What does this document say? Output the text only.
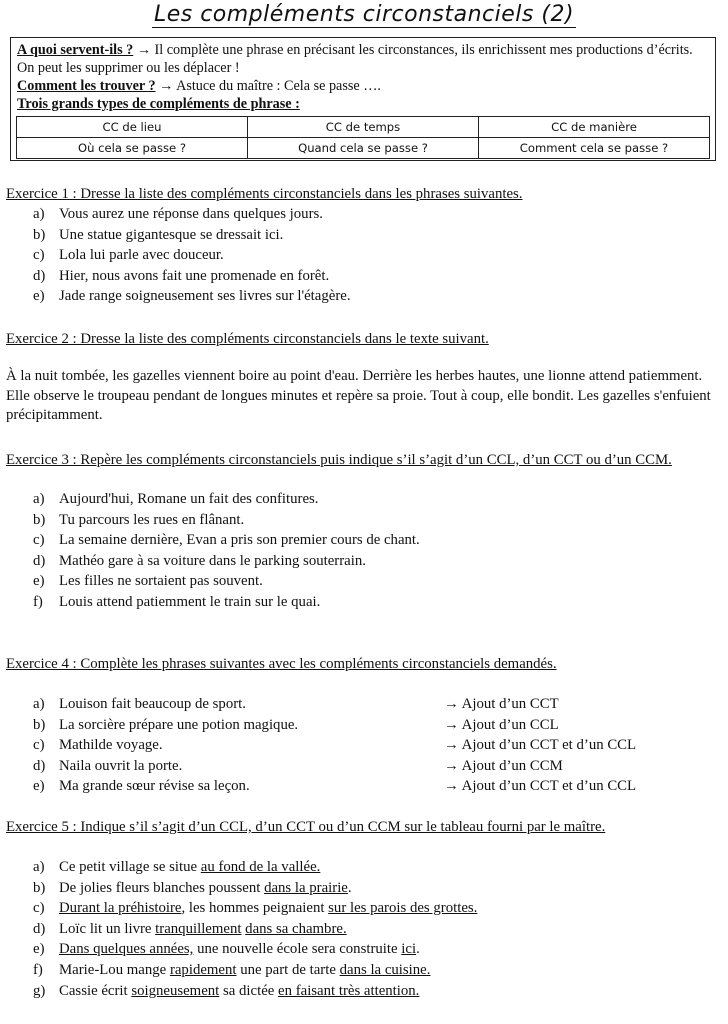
Les compléments circonstanciels (2)
A quoi servent-ils ? → Il complète une phrase en précisant les circonstances, ils enrichissent mes productions d’écrits. On peut les supprimer ou les déplacer !
Comment les trouver ? → Astuce du maître : Cela se passe ….
Trois grands types de compléments de phrase :
CC de lieu	CC de temps	CC de manière
Où cela se passe ?	Quand cela se passe ?	Comment cela se passe ?
Exercice 1 : Dresse la liste des compléments circonstanciels dans les phrases suivantes.
a) Vous aurez une réponse dans quelques jours.
b) Une statue gigantesque se dressait ici.
c) Lola lui parle avec douceur.
d) Hier, nous avons fait une promenade en forêt.
e) Jade range soigneusement ses livres sur l'étagère.
Exercice 2 : Dresse la liste des compléments circonstanciels dans le texte suivant.
À la nuit tombée, les gazelles viennent boire au point d'eau. Derrière les herbes hautes, une lionne attend patiemment. Elle observe le troupeau pendant de longues minutes et repère sa proie. Tout à coup, elle bondit. Les gazelles s'enfuient précipitamment.
Exercice 3 : Repère les compléments circonstanciels puis indique s’il s’agit d’un CCL, d’un CCT ou d’un CCM.
a) Aujourd'hui, Romane un fait des confitures.
b) Tu parcours les rues en flânant.
c) La semaine dernière, Evan a pris son premier cours de chant.
d) Mathéo gare à sa voiture dans le parking souterrain.
e) Les filles ne sortaient pas souvent.
f) Louis attend patiemment le train sur le quai.
Exercice 4 : Complète les phrases suivantes avec les compléments circonstanciels demandés.
a) Louison fait beaucoup de sport.	→ Ajout d’un CCT
b) La sorcière prépare une potion magique.	→ Ajout d’un CCL
c) Mathilde voyage.	→ Ajout d’un CCT et d’un CCL
d) Naila ouvrit la porte.	→ Ajout d’un CCM
e) Ma grande sœur révise sa leçon.	→ Ajout d’un CCT et d’un CCL
Exercice 5 : Indique s’il s’agit d’un CCL, d’un CCT ou d’un CCM sur le tableau fourni par le maître.
a) Ce petit village se situe au fond de la vallée.
b) De jolies fleurs blanches poussent dans la prairie.
c) Durant la préhistoire, les hommes peignaient sur les parois des grottes.
d) Loïc lit un livre tranquillement dans sa chambre.
e) Dans quelques années, une nouvelle école sera construite ici.
f) Marie-Lou mange rapidement une part de tarte dans la cuisine.
g) Cassie écrit soigneusement sa dictée en faisant très attention.
